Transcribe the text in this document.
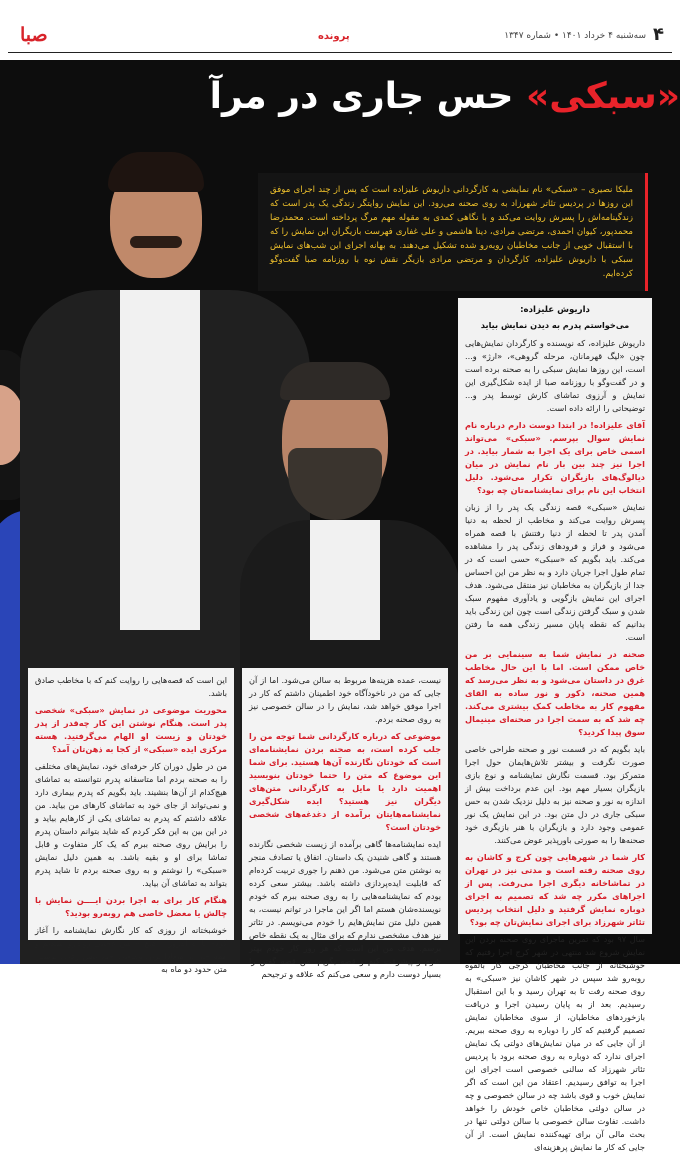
صبا	پرونده	سه‌شنبه ۴ خرداد ۱۴۰۱ • شماره ۱۳۴۷ ۴
«سبکی» حس جاری در مرآ
ملیکا نصیری – «سبکی» نام نمایشی به کارگردانی داریوش علیزاده است که پس از چند اجرای موفق این روزها در پردیس تئاتر شهرزاد به روی صحنه می‌رود. این نمایش روایتگر زندگی یک پدر است که زندگینامه‌اش را پسرش روایت می‌کند و با نگاهی کمدی به مقوله مهم مرگ پرداخته است. محمدرضا محمدپور، کیوان احمدی، مرتضی مرادی، دینا هاشمی و علی غفاری فهرست بازیگران این نمایش را که با استقبال خوبی از جانب مخاطبان روبه‌رو شده تشکیل می‌دهند. به بهانه اجرای این شب‌های نمایش سبکی با داریوش علیزاده، کارگردان و مرتضی مرادی بازیگر نقش نوه با روزنامه صبا گفت‌وگو کرده‌ایم.
داریوش علیزاده:
می‌خواستم پدرم به دیدن نمایش بیاید

داریوش علیزاده، که نویسنده و کارگردان نمایش‌هایی چون «لیگ قهرمانان، مرحله گروهی»، «ارژ» و... است، این روزها نمایش سبکی را به صحنه برده است و در گفت‌وگو با روزنامه صبا از ایده شکل‌گیری این نمایش و آرزوی تماشای کارش توسط پدر و... توضیحاتی را ارائه داده است.

آقای علیزاده! در ابتدا دوست دارم درباره نام نمایش سوال بپرسم. «سبکی» می‌تواند اسمی خاص برای یک اجرا به شمار بیاید. در اجرا نیز چند بین بار نام نمایش در میان دیالوگ‌های بازیگران تکرار می‌شود. دلیل انتخاب این نام برای نمایشنامه‌تان چه بود؟

نمایش «سبکی» قصه زندگی یک پدر را از زبان پسرش روایت می‌کند و مخاطب از لحظه به دنیا آمدن پدر تا لحظه از دنیا رفتنش با قصه همراه می‌شود و فراز و فرودهای زندگی پدر را مشاهده می‌کند. باید بگویم که «سبکی» حسی است که در تمام طول اجرا جریان دارد و به نظر من این احساس جدا از بازیگران به مخاطبان نیز منتقل می‌شود. هدف اجرای این نمایش بازگویی و یادآوری مفهوم سبک شدن و سبک گرفتن زندگی است چون این زندگی باید بدانیم که نقطه پایان مسیر زندگی همه ما رفتن است.

صحنه در نمایش شما به سینمایی بر من خاص ممکن است. اما با این حال مخاطب غرق در داستان می‌شود و به نظر می‌رسد که همین صحنه، دکور و نور ساده به القای مفهوم کار به مخاطب کمک بیشتری می‌کند. چه شد که به سمت اجرا در صحنه‌ای مینیمال سوق پیدا کردید؟

باید بگویم که در قسمت نور و صحنه طراحی خاصی صورت نگرفت و بیشتر تلاش‌هایمان حول اجرا متمرکز بود. قسمت نگارش نمایشنامه و نوع بازی بازیگران بسیار مهم بود. این عدم برداخت بیش از اندازه به نور و صحنه نیز به دلیل نزدیک شدن به حس سبکی جاری در دل متن بود. در این نمایش یک نور عمومی وجود دارد و بازیگران با هنر بازیگری خود صحنه‌ها را به صورتی باورپذیر عوض می‌کنند.

کار شما در شهرهایی چون کرج و کاشان به روی صحنه رفته است و مدتی نیز در تهران در تماشاخانه دیگری اجرا می‌رفت. پس از اجراهای مکرر چه شد که تصمیم به اجرای دوباره نمایش گرفتید و دلیل انتخاب پردیس تئاتر شهرزاد برای اجرای نمایش‌تان چه بود؟

سال ۹۷ بود که تمرین ماجرای روی صحنه بردن این نمایش شروع شد منتهی در شهر کرج اجرا رفتیم که خوشبختانه از جانب مخاطبان کرجی کار بالقوه روبه‌رو شد سپس در شهر کاشان نیز «سبکی» به روی صحنه رفت تا به تهران رسید و با این استقبال رسیدیم. بعد از به پایان رسیدن اجرا و دریافت بازخوردهای مخاطبان، از سوی مخاطبان نمایش تصمیم گرفتیم که کار را دوباره به روی صحنه ببریم. از آن جایی که در میان نمایش‌های دولتی یک نمایش اجرای ندارد که دوباره به روی صحنه برود با پردیس تئاتر شهرزاد که سالنی خصوصی است اجرای این اجرا به توافق رسیدیم. اعتقاد من این است که اگر نمایش خوب و قوی باشد چه در سالن خصوصی و چه در سالن دولتی مخاطبان خاص خودش را خواهد داشت. تفاوت سالن خصوصی با سالن دولتی تنها در بحث مالی آن برای تهیه‌کننده نمایش است. از آن جایی که کار ما نمایش پرهزینه‌ای

نیست، عمده هزینه‌ها مربوط به سالن می‌شود. اما از آن جایی که من در ناخودآگاه خود اطمینان داشتم که کار در اجرا موفق خواهد شد، نمایش را در سالن خصوصی نیز به روی صحنه بردم.

موضوعی که درباره کارگردانی شما توجه من را جلب کرده است، به صحنه بردن نمایشنامه‌ای است که خودتان نگارنده آن‌ها هستید. برای شما این موضوع که متن را حتما خودتان بنویسید اهمیت دارد یا مایل به کارگردانی متن‌های دیگران نیز هستید؟ ایده شکل‌گیری نمایشنامه‌هایتان برآمده از دغدغه‌های شخصی خودتان است؟

ایده نمایشنامه‌ها گاهی برآمده از زیست شخصی نگارنده هستند و گاهی شنیدن یک داستان. اتفاق یا تصادف منجر به نوشتن متن می‌شود. من ذهنم را جوری تربیت کرده‌ام که قابلیت ایده‌پردازی داشته باشد. بیشتر سعی کرده بودم که نمایشنامه‌هایی را به روی صحنه ببرم که خودم نویسنده‌شان هستم اما اگر این ماجرا در توانم نیست، به همین دلیل متن نمایش‌هایم را خودم می‌نویسم. در تئاتر نیز هدف مشخصی ندارم که برای مثال به یک نقطه خاص برسم. هدف من این است که هر روز کار خودم بهتر شوم و پیشرفت کنم و قصه بگویم. من قصه گفتن را بسیار دوست دارم و سعی می‌کنم که علاقه و ترجیحم

این است که قصه‌هایی را روایت کنم که با مخاطب صادق باشد.

محوریت موضوعی در نمایش «سبکی» شخصی پدر است. هنگام نوشتن این کار چه‌قدر از پدر خودتان و زیست او الهام می‌گرفتید. هسته مرکزی ایده «سبکی» از کجا به ذهن‌تان آمد؟

من در طول دوران کار حرفه‌ای خود، نمایش‌های مختلفی را به صحنه بردم اما متاسفانه پدرم نتوانسته به تماشای هیچ‌کدام از آن‌ها بنشیند. باید بگویم که پدرم بیماری دارد و نمی‌تواند از جای خود به تماشای کارهای من بیاید. من علاقه داشتم که پدرم به تماشای یکی از کارهایم بیاید و در این بین به این فکر کردم که شاید بتوانم داستان پدرم را برایش روی صحنه ببرم که یک کار متفاوت و قابل تماشا برای او و بقیه باشد. به همین دلیل نمایش «سبکی» را نوشتم و به روی صحنه بردم تا شاید پدرم بتواند به تماشای آن بیاید.

هنگام کار برای به اجرا بردن ایــــن نمایش با چالش یا معضل خاصی هم روبه‌رو بودید؟

خوشبختانه از روزی که کار نگارش نمایشنامه را آغاز کردم تا به امروز با هیچ چالش عجیبی روبه‌رو نشدیم و همه چیز در متعادل‌ترین وضعیت خود پیش رفت. نوشتن متن حدود دو ماه به
